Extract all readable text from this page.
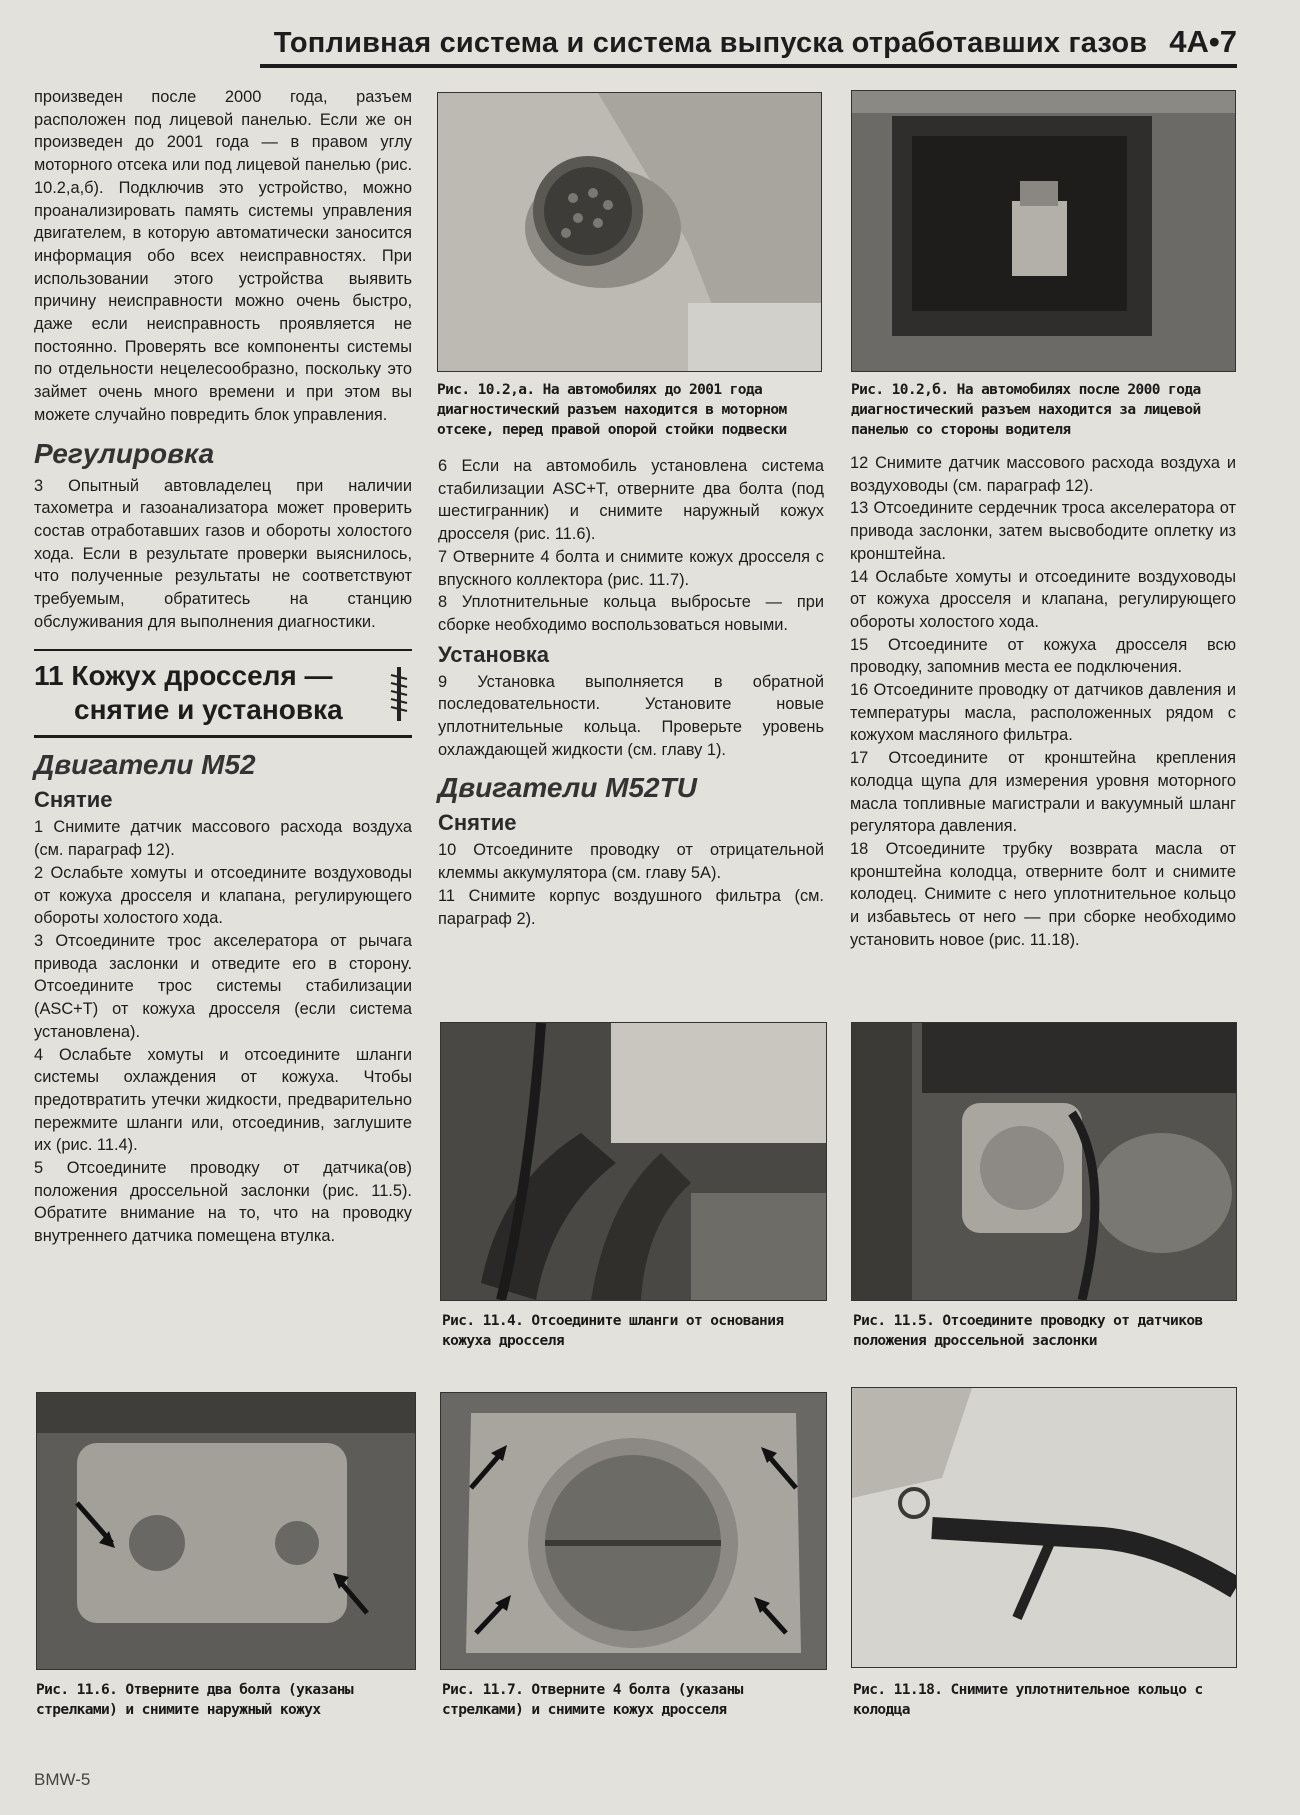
Топливная система и система выпуска отработавших газов 4A•7

произведен после 2000 года, разъем расположен под лицевой панелью. Если же он произведен до 2001 года — в правом углу моторного отсека или под лицевой панелью (рис. 10.2,а,б). Подключив это устройство, можно проанализировать память системы управления двигателем, в которую автоматически заносится информация обо всех неисправностях. При использовании этого устройства выявить причину неисправности можно очень быстро, даже если неисправность проявляется не постоянно. Проверять все компоненты системы по отдельности нецелесообразно, поскольку это займет очень много времени и при этом вы можете случайно повредить блок управления.

Регулировка

3 Опытный автовладелец при наличии тахометра и газоанализатора может проверить состав отработавших газов и обороты холостого хода. Если в результате проверки выяснилось, что полученные результаты не соответствуют требуемым, обратитесь на станцию обслуживания для выполнения диагностики.

11 Кожух дросселя —
снятие и установка

Двигатели M52

Снятие

1 Снимите датчик массового расхода воздуха (см. параграф 12).

2 Ослабьте хомуты и отсоедините воздуховоды от кожуха дросселя и клапана, регулирующего обороты холостого хода.

3 Отсоедините трос акселератора от рычага привода заслонки и отведите его в сторону. Отсоедините трос системы стабилизации (ASC+T) от кожуха дросселя (если система установлена).

4 Ослабьте хомуты и отсоедините шланги системы охлаждения от кожуха. Чтобы предотвратить утечки жидкости, предварительно пережмите шланги или, отсоединив, заглушите их (рис. 11.4).

5 Отсоедините проводку от датчика(ов) положения дроссельной заслонки (рис. 11.5). Обратите внимание на то, что на проводку внутреннего датчика помещена втулка.

6 Если на автомобиль установлена система стабилизации ASC+T, отверните два болта (под шестигранник) и снимите наружный кожух дросселя (рис. 11.6).

7 Отверните 4 болта и снимите кожух дросселя с впускного коллектора (рис. 11.7).

8 Уплотнительные кольца выбросьте — при сборке необходимо воспользоваться новыми.

Установка

9 Установка выполняется в обратной последовательности. Установите новые уплотнительные кольца. Проверьте уровень охлаждающей жидкости (см. главу 1).

Двигатели M52TU

Снятие

10 Отсоедините проводку от отрицательной клеммы аккумулятора (см. главу 5A).

11 Снимите корпус воздушного фильтра (см. параграф 2).

12 Снимите датчик массового расхода воздуха и воздуховоды (см. параграф 12).

13 Отсоедините сердечник троса акселератора от привода заслонки, затем высвободите оплетку из кронштейна.

14 Ослабьте хомуты и отсоедините воздуховоды от кожуха дросселя и клапана, регулирующего обороты холостого хода.

15 Отсоедините от кожуха дросселя всю проводку, запомнив места ее подключения.

16 Отсоедините проводку от датчиков давления и температуры масла, расположенных рядом с кожухом масляного фильтра.

17 Отсоедините от кронштейна крепления колодца щупа для измерения уровня моторного масла топливные магистрали и вакуумный шланг регулятора давления.

18 Отсоедините трубку возврата масла от кронштейна колодца, отверните болт и снимите колодец. Снимите с него уплотнительное кольцо и избавьтесь от него — при сборке необходимо установить новое (рис. 11.18).

Рис. 10.2,а. На автомобилях до 2001 года диагностический разъем находится в моторном отсеке, перед правой опорой стойки подвески
Рис. 10.2,б. На автомобилях после 2000 года диагностический разъем находится за лицевой панелью со стороны водителя
Рис. 11.4. Отсоедините шланги от основания кожуха дросселя
Рис. 11.5. Отсоедините проводку от датчиков положения дроссельной заслонки
Рис. 11.6. Отверните два болта (указаны стрелками) и снимите наружный кожух
Рис. 11.7. Отверните 4 болта (указаны стрелками) и снимите кожух дросселя
Рис. 11.18. Снимите уплотнительное кольцо с колодца
BMW-5
